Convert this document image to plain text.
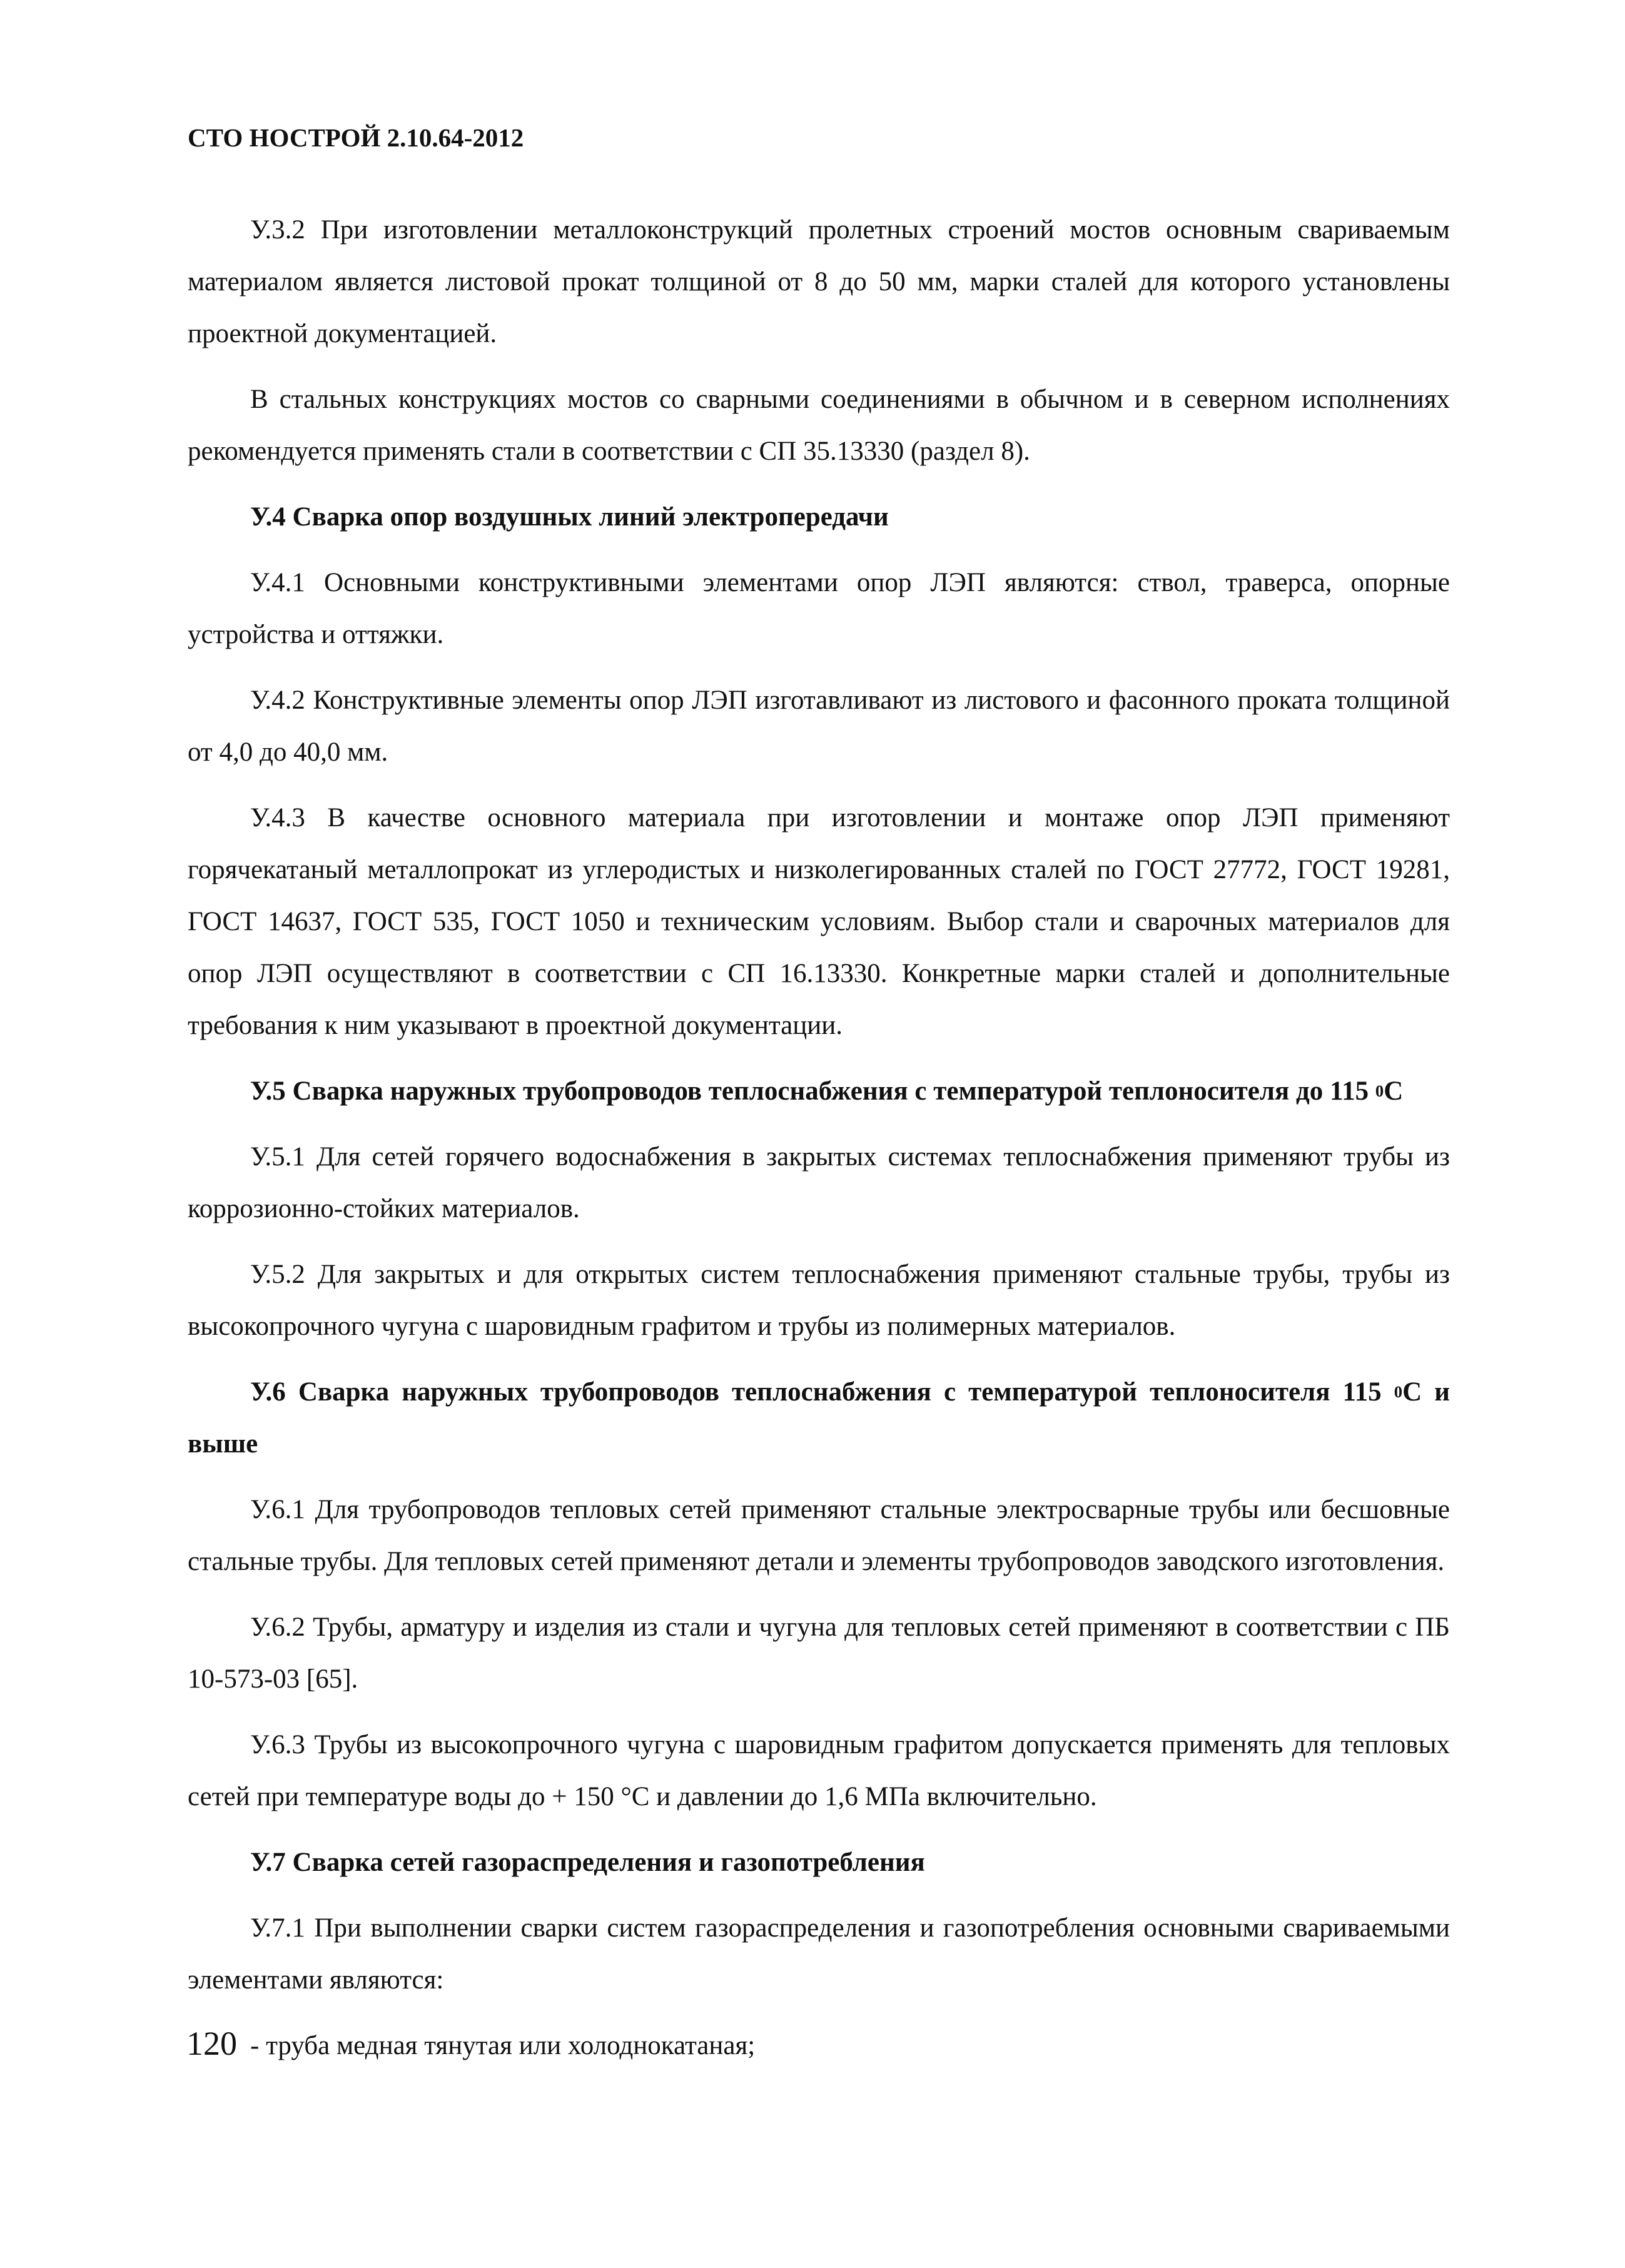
СТО НОСТРОЙ 2.10.64-2012

У.3.2 При изготовлении металлоконструкций пролетных строений мостов основным свариваемым материалом является листовой прокат толщиной от 8 до 50 мм, марки сталей для которого установлены проектной документацией.

В стальных конструкциях мостов со сварными соединениями в обычном и в северном исполнениях рекомендуется применять стали в соответствии с СП 35.13330 (раздел 8).

У.4 Сварка опор воздушных линий электропередачи

У.4.1 Основными конструктивными элементами опор ЛЭП являются: ствол, траверса, опорные устройства и оттяжки.

У.4.2 Конструктивные элементы опор ЛЭП изготавливают из листового и фасонного проката толщиной от 4,0 до 40,0 мм.

У.4.3 В качестве основного материала при изготовлении и монтаже опор ЛЭП применяют горячекатаный металлопрокат из углеродистых и низколегированных сталей по ГОСТ 27772, ГОСТ 19281, ГОСТ 14637, ГОСТ 535, ГОСТ 1050 и техническим условиям. Выбор стали и сварочных материалов для опор ЛЭП осуществляют в соответствии с СП 16.13330. Конкретные марки сталей и дополнительные требования к ним указывают в проектной документации.

У.5 Сварка наружных трубопроводов теплоснабжения с температурой теплоносителя до 115 $^0$С

У.5.1 Для сетей горячего водоснабжения в закрытых системах теплоснабжения применяют трубы из коррозионно-стойких материалов.

У.5.2 Для закрытых и для открытых систем теплоснабжения применяют стальные трубы, трубы из высокопрочного чугуна с шаровидным графитом и трубы из полимерных материалов.

У.6 Сварка наружных трубопроводов теплоснабжения с температурой теплоносителя 115 $^0$С и выше

У.6.1 Для трубопроводов тепловых сетей применяют стальные электросварные трубы или бесшовные стальные трубы. Для тепловых сетей применяют детали и элементы трубопроводов заводского изготовления.

У.6.2 Трубы, арматуру и изделия из стали и чугуна для тепловых сетей применяют в соответствии с ПБ 10-573-03 [65].

У.6.3 Трубы из высокопрочного чугуна с шаровидным графитом допускается применять для тепловых сетей при температуре воды до + 150 °С и давлении до 1,6 МПа включительно.

У.7 Сварка сетей газораспределения и газопотребления

У.7.1 При выполнении сварки систем газораспределения и газопотребления основными свариваемыми элементами являются:

- труба медная тянутая или холоднокатаная;

120
